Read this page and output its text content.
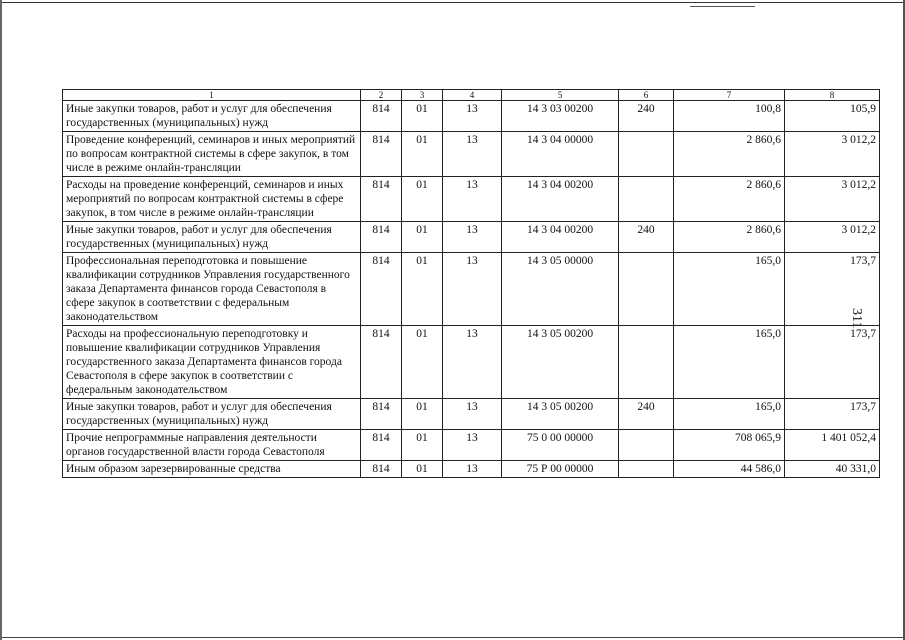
311
1	2	3	4	5	6	7	8
Иные закупки товаров, работ и услуг для обеспечения государственных (муниципальных) нужд	814	01	13	14 3 03 00200	240	100,8	105,9
Проведение конференций, семинаров и иных мероприятий по вопросам контрактной системы в сфере закупок, в том числе в режиме онлайн-трансляции	814	01	13	14 3 04 00000		2 860,6	3 012,2
Расходы на проведение конференций, семинаров и иных мероприятий по вопросам контрактной системы в сфере закупок, в том числе в режиме онлайн-трансляции	814	01	13	14 3 04 00200		2 860,6	3 012,2
Иные закупки товаров, работ и услуг для обеспечения государственных (муниципальных) нужд	814	01	13	14 3 04 00200	240	2 860,6	3 012,2
Профессиональная переподготовка и повышение квалификации сотрудников Управления государственного заказа Департамента финансов города Севастополя в сфере закупок в соответствии с федеральным законодательством	814	01	13	14 3 05 00000		165,0	173,7
Расходы на профессиональную переподготовку и повышение квалификации сотрудников Управления государственного заказа Департамента финансов города Севастополя в сфере закупок в соответствии с федеральным законодательством	814	01	13	14 3 05 00200		165,0	173,7
Иные закупки товаров, работ и услуг для обеспечения государственных (муниципальных) нужд	814	01	13	14 3 05 00200	240	165,0	173,7
Прочие непрограммные направления деятельности органов государственной власти города Севастополя	814	01	13	75 0 00 00000		708 065,9	1 401 052,4
Иным образом зарезервированные средства	814	01	13	75 Р 00 00000		44 586,0	40 331,0
